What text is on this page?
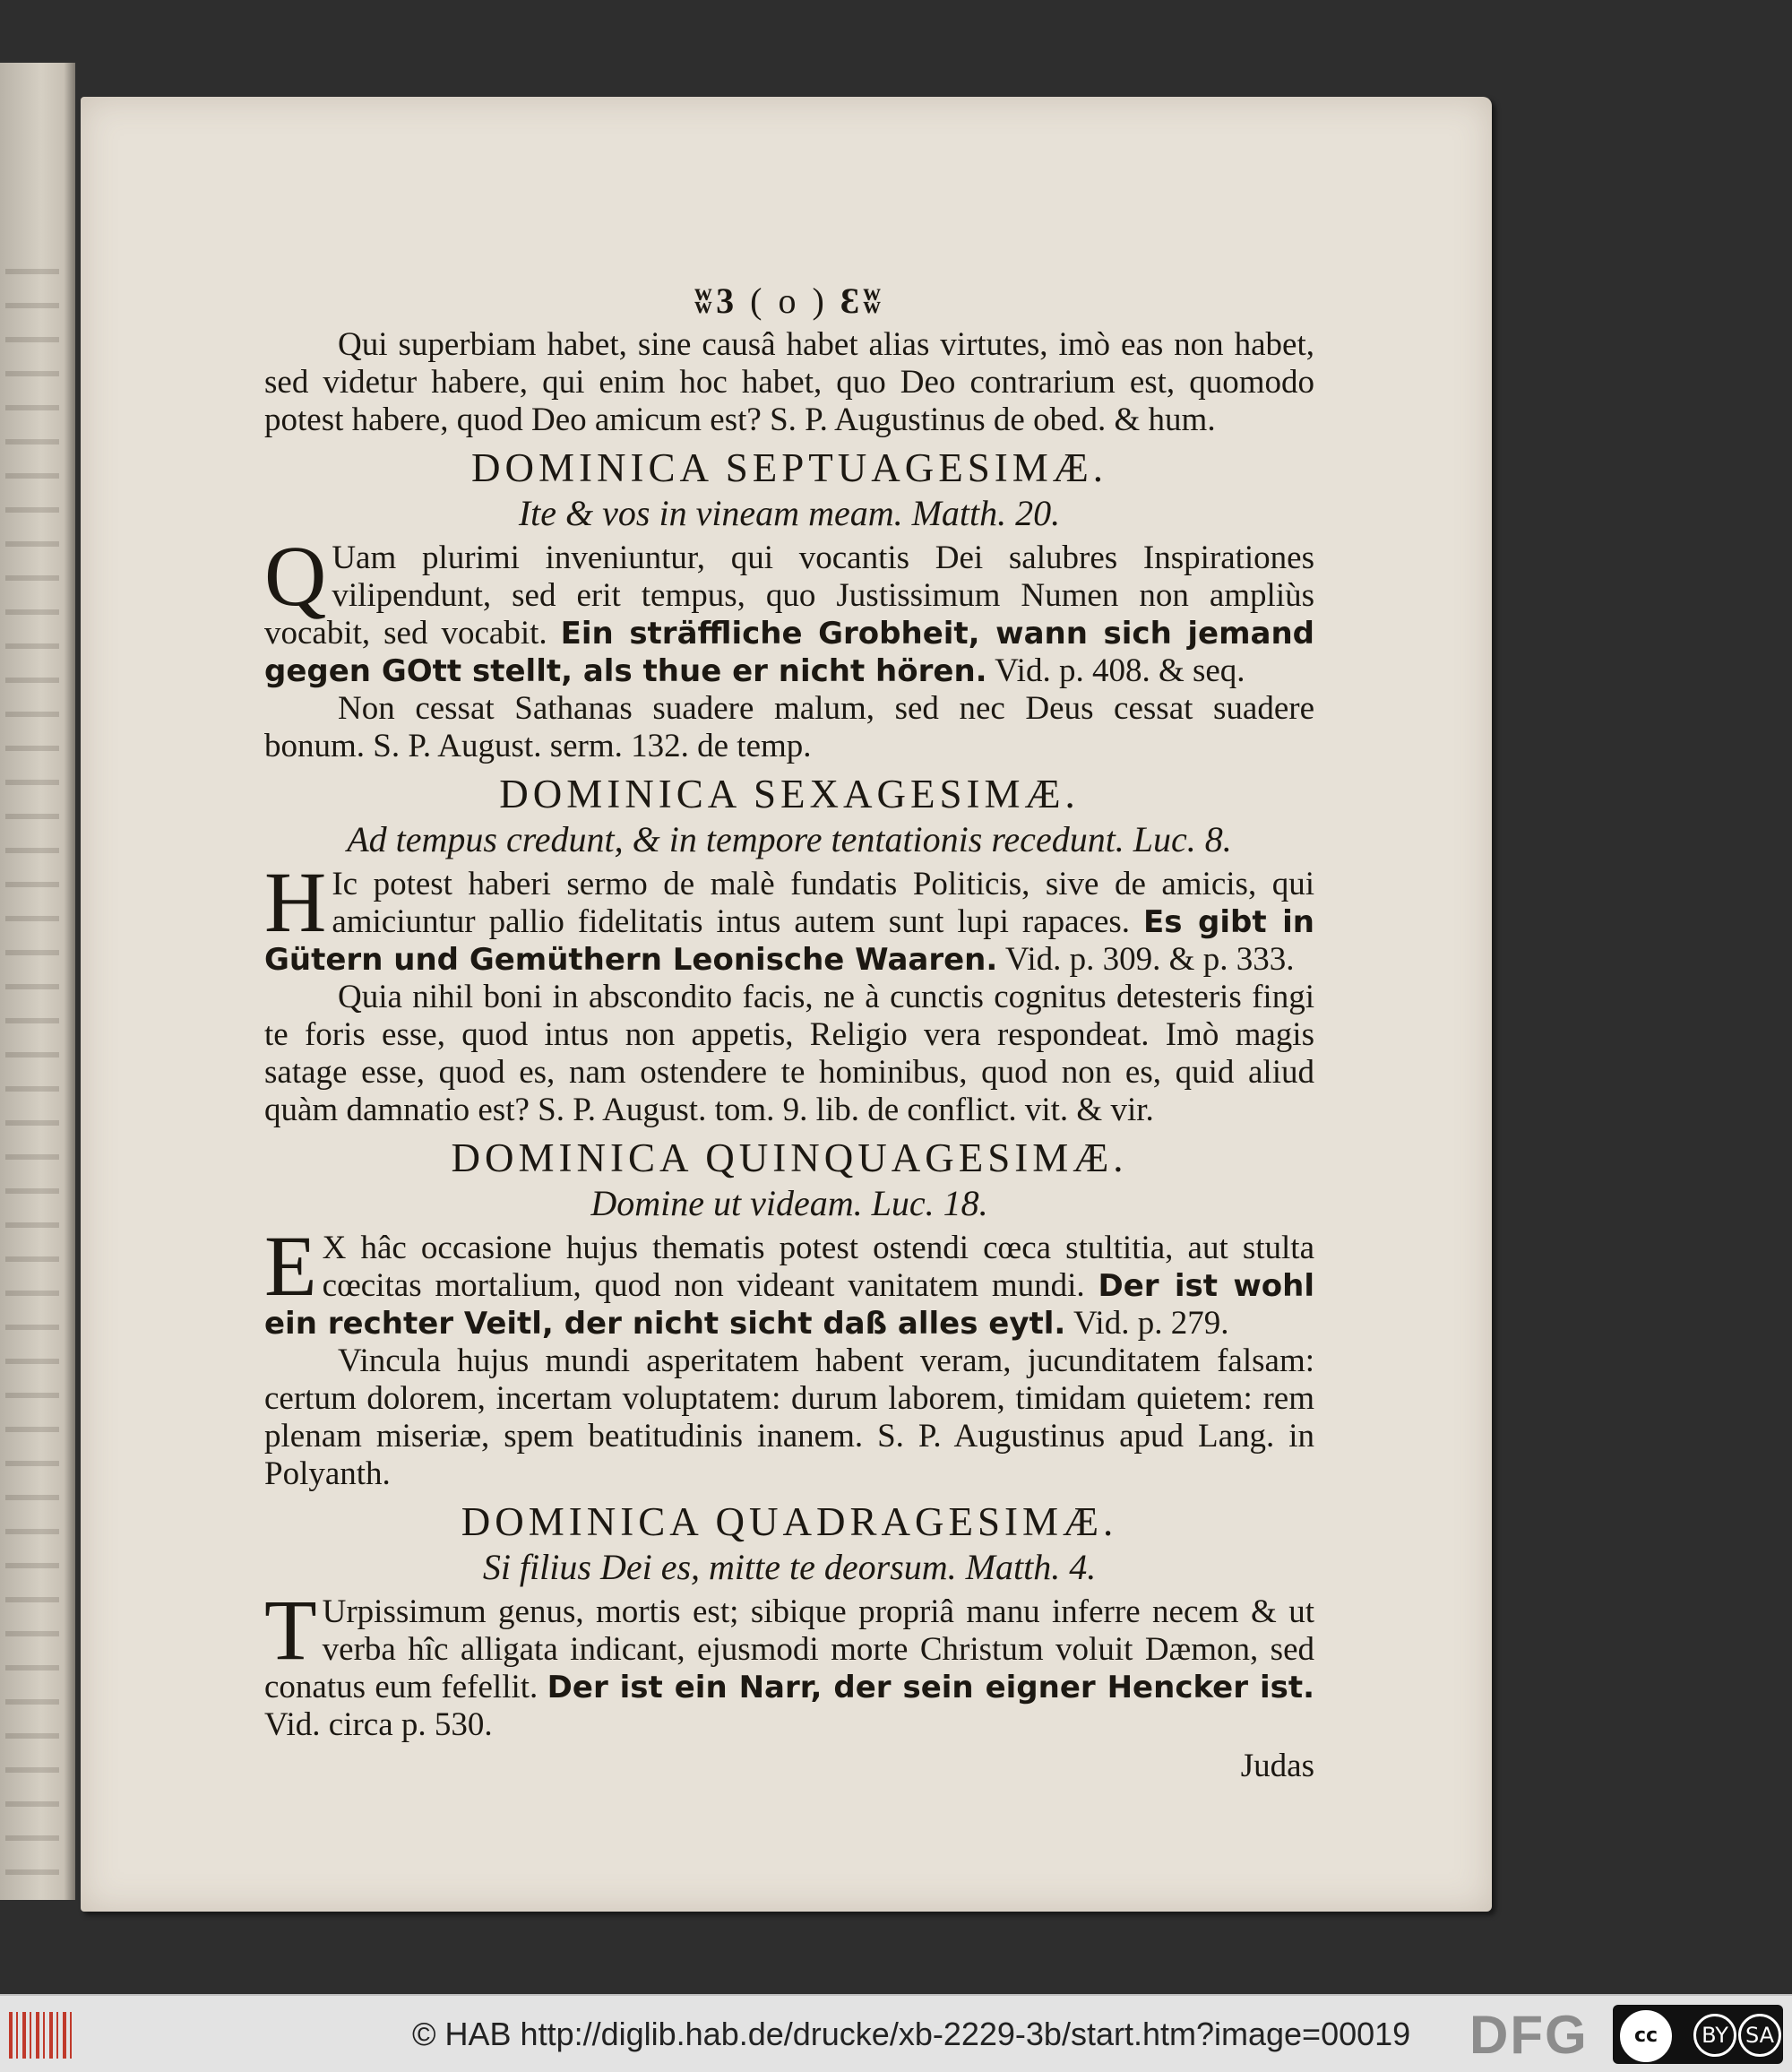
ʬ3 ( o ) Ɛʬ

Qui superbiam habet, sine causâ habet alias virtutes, imò eas non habet, sed videtur habere, qui enim hoc habet, quo Deo contrarium est, quomodo potest habere, quod Deo amicum est? S. P. Augustinus de obed. & hum.

DOMINICA SEPTUAGESIMÆ.
Ite & vos in vineam meam. Matth. 20.

Q Uam plurimi inveniuntur, qui vocantis Dei salubres Inspirationes vilipendunt, sed erit tempus, quo Justissimum Numen non ampliùs vocabit, sed vocabit. Ein sträffliche Grobheit, wann sich jemand gegen GOtt stellt, als thue er nicht hören. Vid. p. 408. & seq.

Non cessat Sathanas suadere malum, sed nec Deus cessat suadere bonum. S. P. August. serm. 132. de temp.

DOMINICA SEXAGESIMÆ.
Ad tempus credunt, & in tempore tentationis recedunt. Luc. 8.

H Ic potest haberi sermo de malè fundatis Politicis, sive de amicis, qui amiciuntur pallio fidelitatis intus autem sunt lupi rapaces. Es gibt in Gütern und Gemüthern Leonische Waaren. Vid. p. 309. & p. 333.

Quia nihil boni in abscondito facis, ne à cunctis cognitus detesteris fingi te foris esse, quod intus non appetis, Religio vera respondeat. Imò magis satage esse, quod es, nam ostendere te hominibus, quod non es, quid aliud quàm damnatio est? S. P. August. tom. 9. lib. de conflict. vit. & vir.

DOMINICA QUINQUAGESIMÆ.
Domine ut videam. Luc. 18.

E X hâc occasione hujus thematis potest ostendi cœca stultitia, aut stulta cœcitas mortalium, quod non videant vanitatem mundi. Der ist wohl ein rechter Veitl, der nicht sicht daß alles eytl. Vid. p. 279.

Vincula hujus mundi asperitatem habent veram, jucunditatem falsam: certum dolorem, incertam voluptatem: durum laborem, timidam quietem: rem plenam miseriæ, spem beatitudinis inanem. S. P. Augustinus apud Lang. in Polyanth.

DOMINICA QUADRAGESIMÆ.
Si filius Dei es, mitte te deorsum. Matth. 4.

T Urpissimum genus, mortis est; sibique propriâ manu inferre necem & ut verba hîc alligata indicant, ejusmodi morte Christum voluit Dæmon, sed conatus eum fefellit. Der ist ein Narr, der sein eigner Hencker ist. Vid. circa p. 530.

Judas
© HAB http://diglib.hab.de/drucke/xb-2229-3b/start.htm?image=00019 DFG	cc	BY SA
